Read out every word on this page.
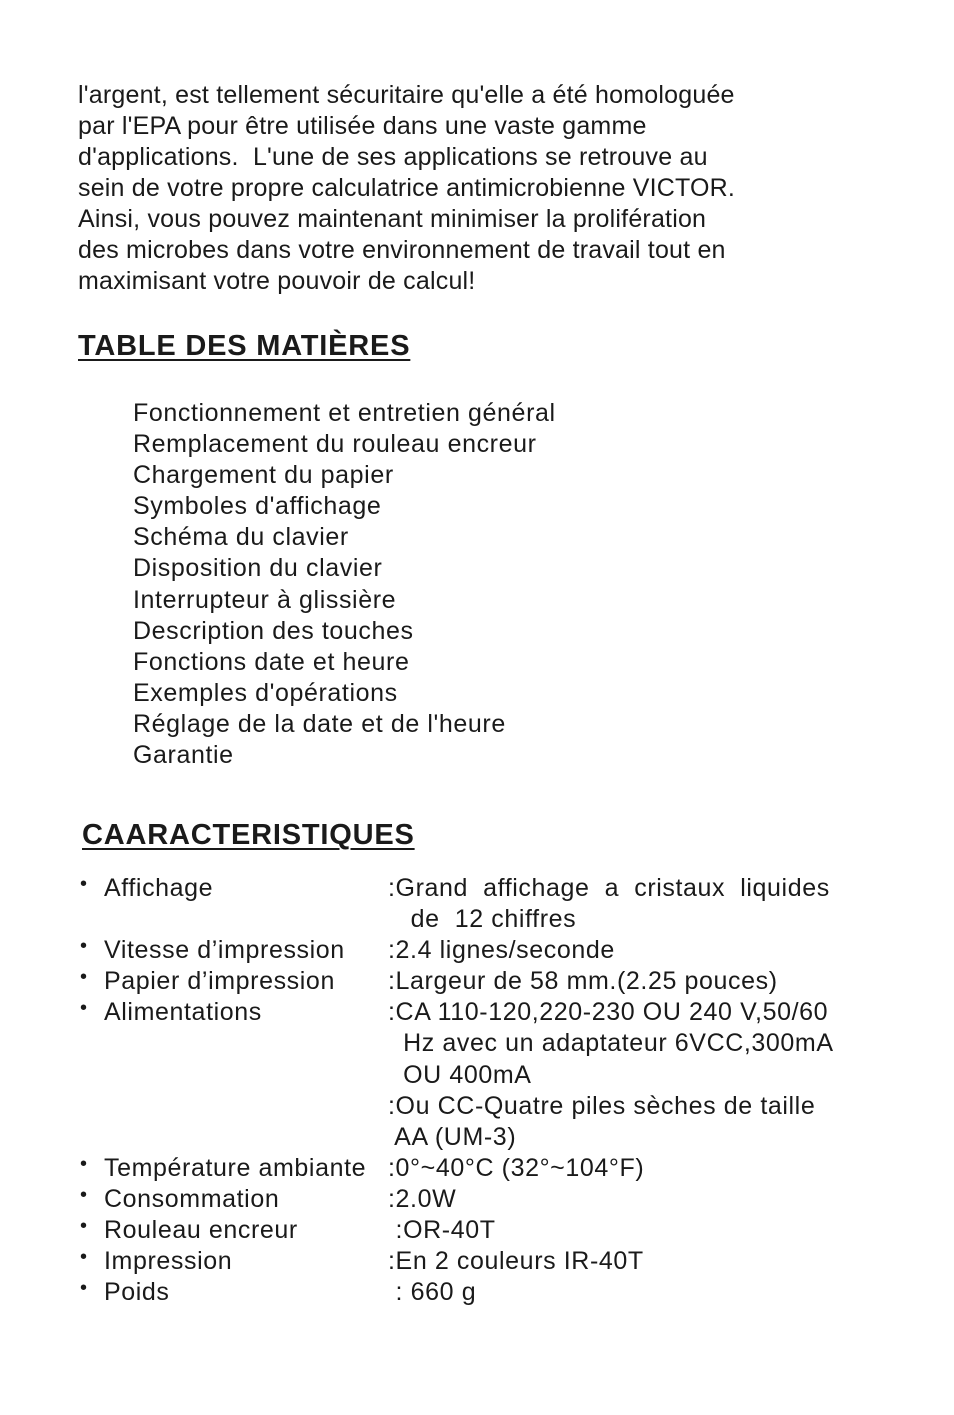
l'argent, est tellement sécuritaire qu'elle a été homologuée
par l'EPA pour être utilisée dans une vaste gamme
d'applications.  L'une de ses applications se retrouve au
sein de votre propre calculatrice antimicrobienne VICTOR.
Ainsi, vous pouvez maintenant minimiser la prolifération
des microbes dans votre environnement de travail tout en
maximisant votre pouvoir de calcul!
TABLE DES MATIÈRES
Fonctionnement et entretien général
Remplacement du rouleau encreur
Chargement du papier
Symboles d'affichage
Schéma du clavier
Disposition du clavier
Interrupteur à glissière
Description des touches
Fonctions date et heure
Exemples d'opérations
Réglage de la date et de l'heure
Garantie
CAARACTERISTIQUES
• Affichage	:Grand  affichage  a  cristaux  liquides
de  12 chiffres
• Vitesse d’impression	:2.4 lignes/seconde
• Papier d’impression	:Largeur de 58 mm.(2.25 pouces)
• Alimentations	:CA 110-120,220-230 OU 240 V,50/60
Hz avec un adaptateur 6VCC,300mA
OU 400mA
:Ou CC-Quatre piles sèches de taille
AA (UM-3)
• Température ambiante :0°~40°C (32°~104°F)
• Consommation	:2.0W
• Rouleau encreur	:OR-40T
• Impression	:En 2 couleurs IR-40T
• Poids	: 660 g
